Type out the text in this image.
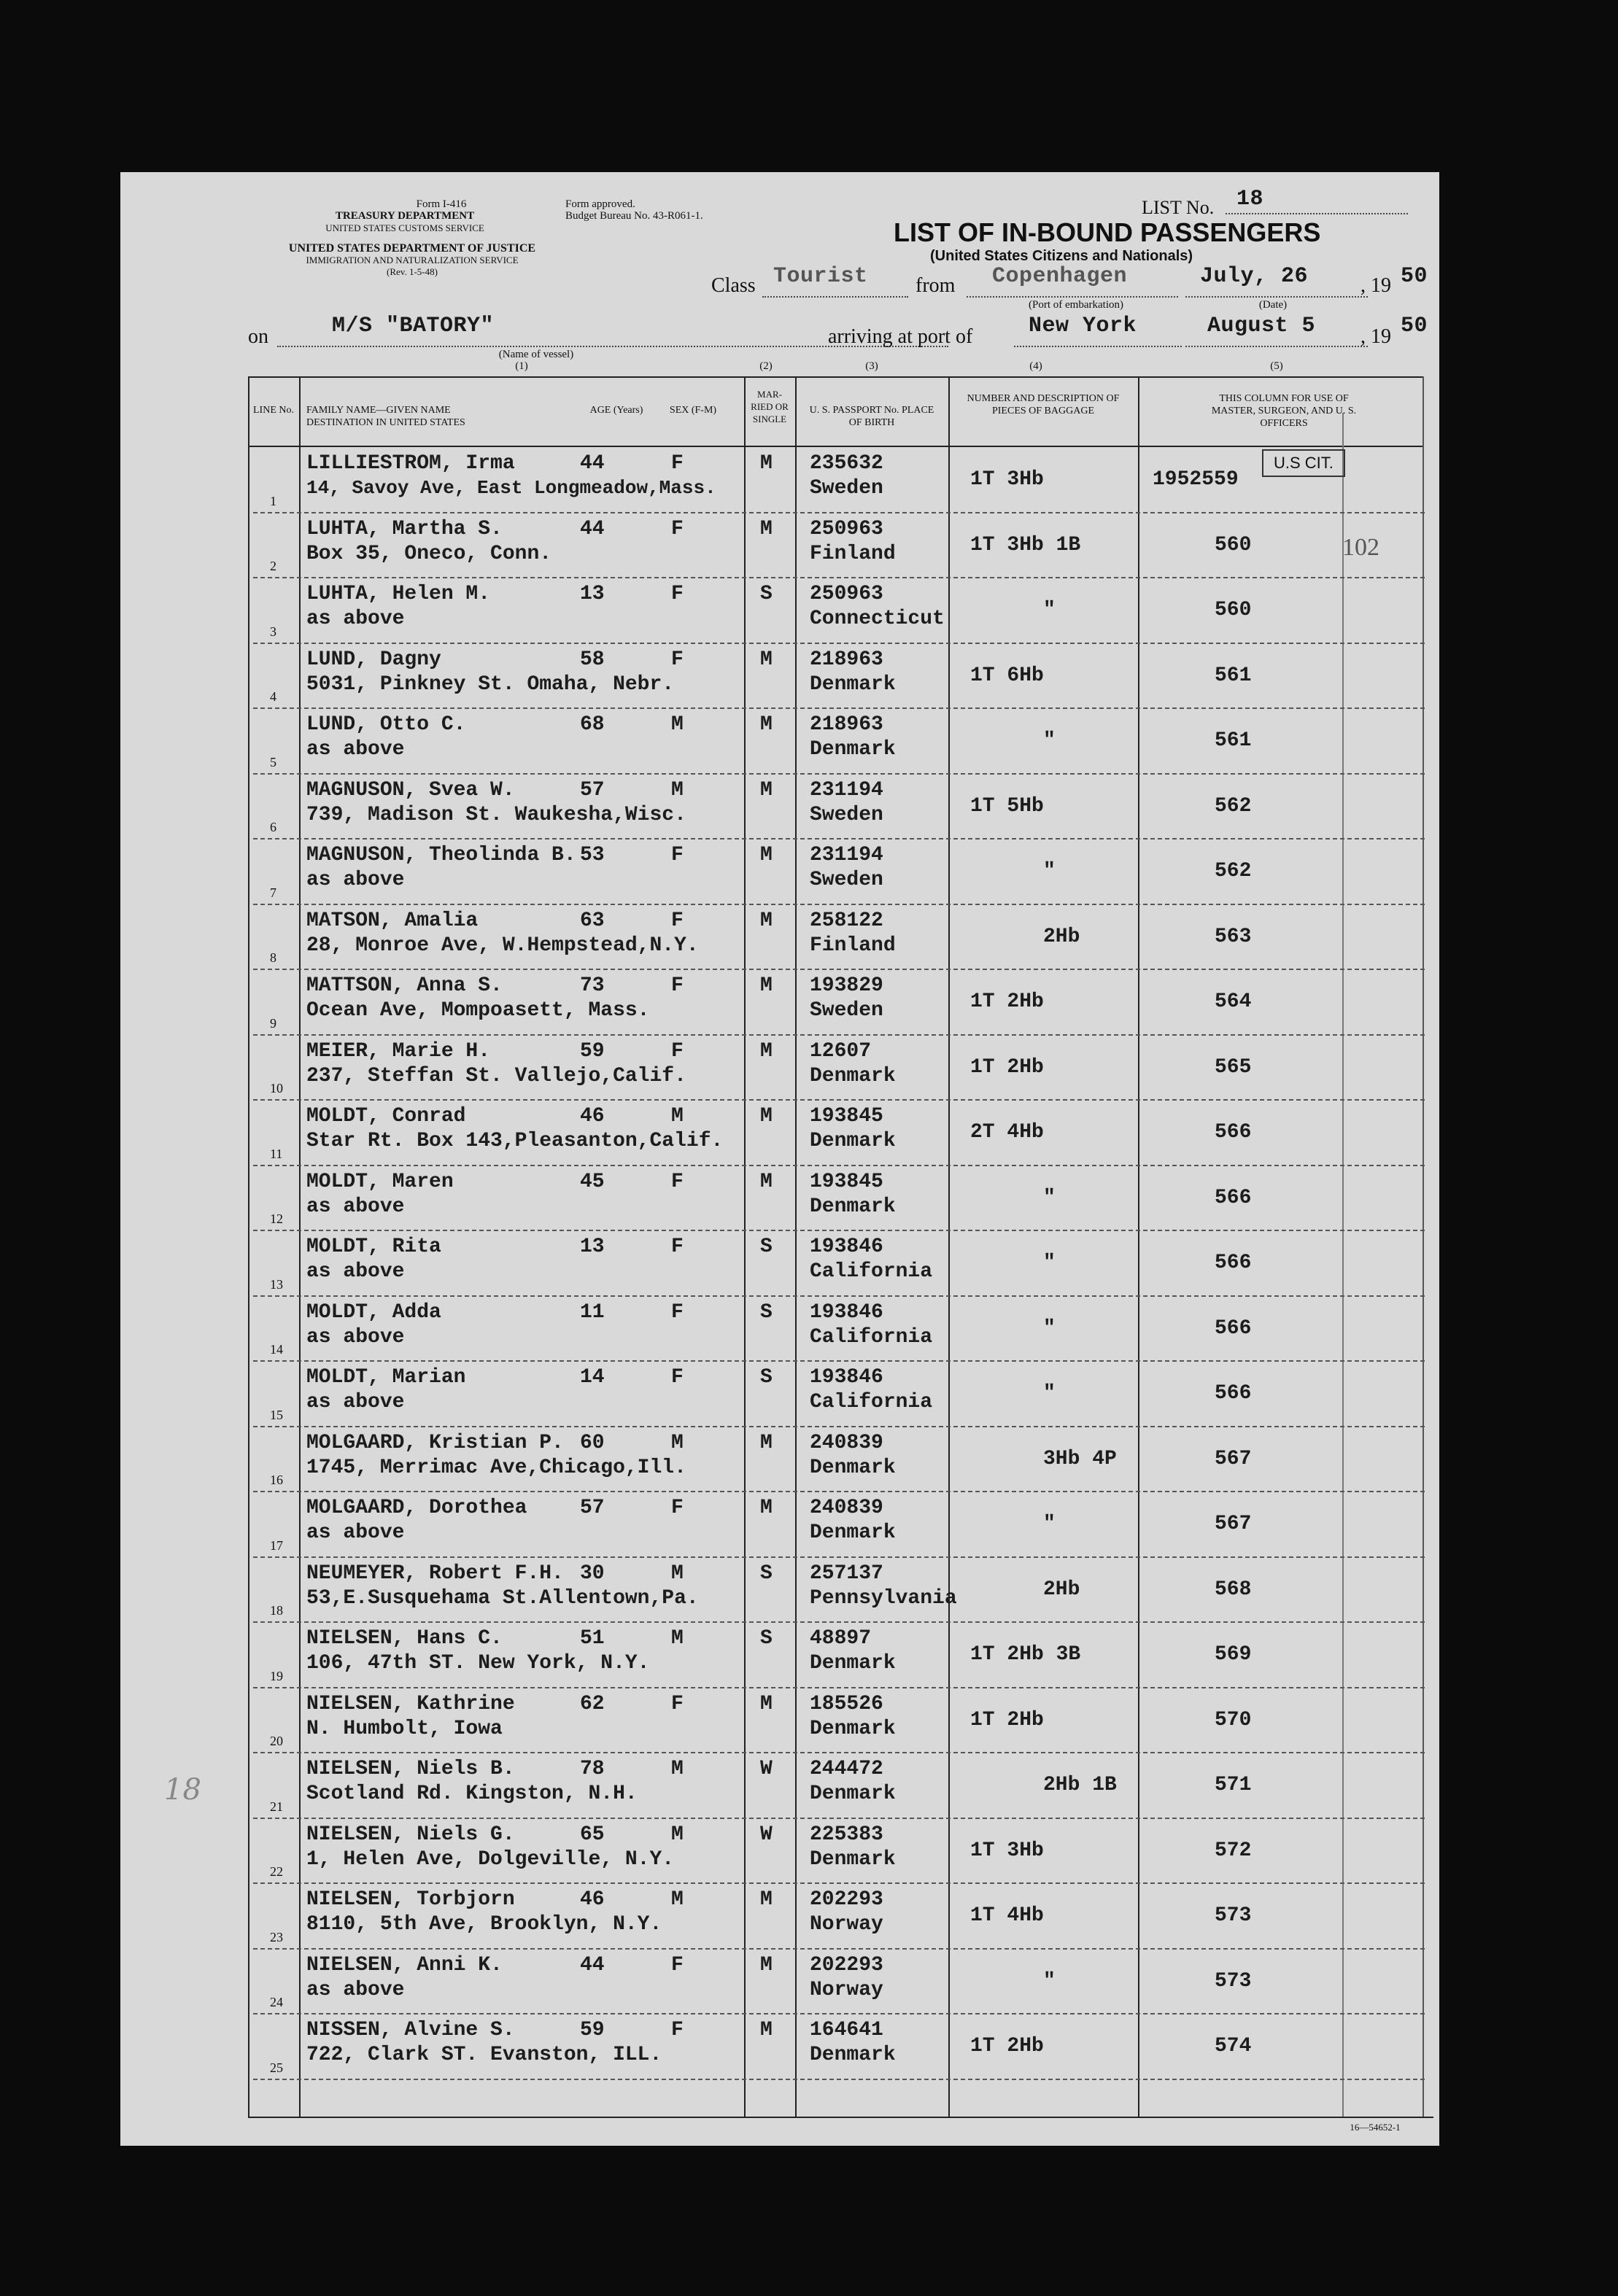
Form I-416
TREASURY DEPARTMENT
UNITED STATES CUSTOMS SERVICE
UNITED STATES DEPARTMENT OF JUSTICE
IMMIGRATION AND NATURALIZATION SERVICE
(Rev. 1-5-48)
Form approved.
Budget Bureau No. 43-R061-1.	LIST No. 18
LIST OF IN-BOUND PASSENGERS
(United States Citizens and Nationals)
Class Tourist from Copenhagen
(Port of embarkation)
July, 26
(Date)
, 19 50
on	M/S "BATORY"
(Name of vessel)
arriving at port of	New York	August 5 , 19 50
(1)	(2)	(3)	(4)	(5)
LINE No. FAMILY NAME—GIVEN NAME DESTINATION IN UNITED STATES
AGE (Years)	SEX (F-M)
MAR-RIED OR SINGLE
U. S. PASSPORT No. PLACE OF BIRTH
NUMBER AND DESCRIPTION OF PIECES OF BAGGAGE
THIS COLUMN FOR USE OF MASTER, SURGEON, AND U. S. OFFICERS
U.S CIT.
102
18
1
LILLIESTROM, Irma
14, Savoy Ave, East Longmeadow,Mass.
44	F	M 235632
Sweden	1T 3Hb	1952559
2
LUHTA, Martha S.
Box 35, Oneco, Conn.
44	F	M 250963
Finland	1T 3Hb 1B	560
3
LUHTA, Helen M.
as above
13	F	S 250963
Connecticut	"	560
4
LUND, Dagny
5031, Pinkney St. Omaha, Nebr.
58	F	M 218963
Denmark	1T 6Hb	561
5
LUND, Otto C.
as above
68	M	M 218963
Denmark	"	561
6
MAGNUSON, Svea W.
739, Madison St. Waukesha,Wisc.
57	M	M 231194
Sweden	1T 5Hb	562
7
MAGNUSON, Theolinda B.
as above
53	F	M 231194
Sweden	"	562
8
MATSON, Amalia
28, Monroe Ave, W.Hempstead,N.Y.
63	F	M 258122
Finland	2Hb	563
9
MATTSON, Anna S.
Ocean Ave, Mompoasett, Mass.
73	F	M 193829
Sweden	1T 2Hb	564
10
MEIER, Marie H.
237, Steffan St. Vallejo,Calif.
59	F	M 12607
Denmark	1T 2Hb	565
11
MOLDT, Conrad
Star Rt. Box 143,Pleasanton,Calif.
46	M	M 193845
Denmark	2T 4Hb	566
12
MOLDT, Maren
as above
45	F	M 193845
Denmark	"	566
13
MOLDT, Rita
as above
13	F	S 193846
California	"	566
14
MOLDT, Adda
as above
11	F	S 193846
California	"	566
15
MOLDT, Marian
as above
14	F	S 193846
California	"	566
16
MOLGAARD, Kristian P.
1745, Merrimac Ave,Chicago,Ill.
60	M	M 240839
Denmark	3Hb 4P	567
17
MOLGAARD, Dorothea
as above
57	F	M 240839
Denmark	"	567
18
NEUMEYER, Robert F.H.
53,E.Susquehama St.Allentown,Pa.
30	M	S 257137
Pennsylvania	2Hb	568
19
NIELSEN, Hans C.
106, 47th ST. New York, N.Y.
51	M	S 48897
Denmark	1T 2Hb 3B	569
20
NIELSEN, Kathrine
N. Humbolt, Iowa
62	F	M 185526
Denmark	1T 2Hb	570
21
NIELSEN, Niels B.
Scotland Rd. Kingston, N.H.
78	M	W 244472
Denmark	2Hb 1B	571
22
NIELSEN, Niels G.
1, Helen Ave, Dolgeville, N.Y.
65	M	W 225383
Denmark	1T 3Hb	572
23
NIELSEN, Torbjorn
8110, 5th Ave, Brooklyn, N.Y.
46	M	M 202293
Norway	1T 4Hb	573
24
NIELSEN, Anni K.
as above
44	F	M 202293
Norway	"	573
25
NISSEN, Alvine S.
722, Clark ST. Evanston, ILL.
59	F	M 164641
Denmark	1T 2Hb	574
16—54652-1
